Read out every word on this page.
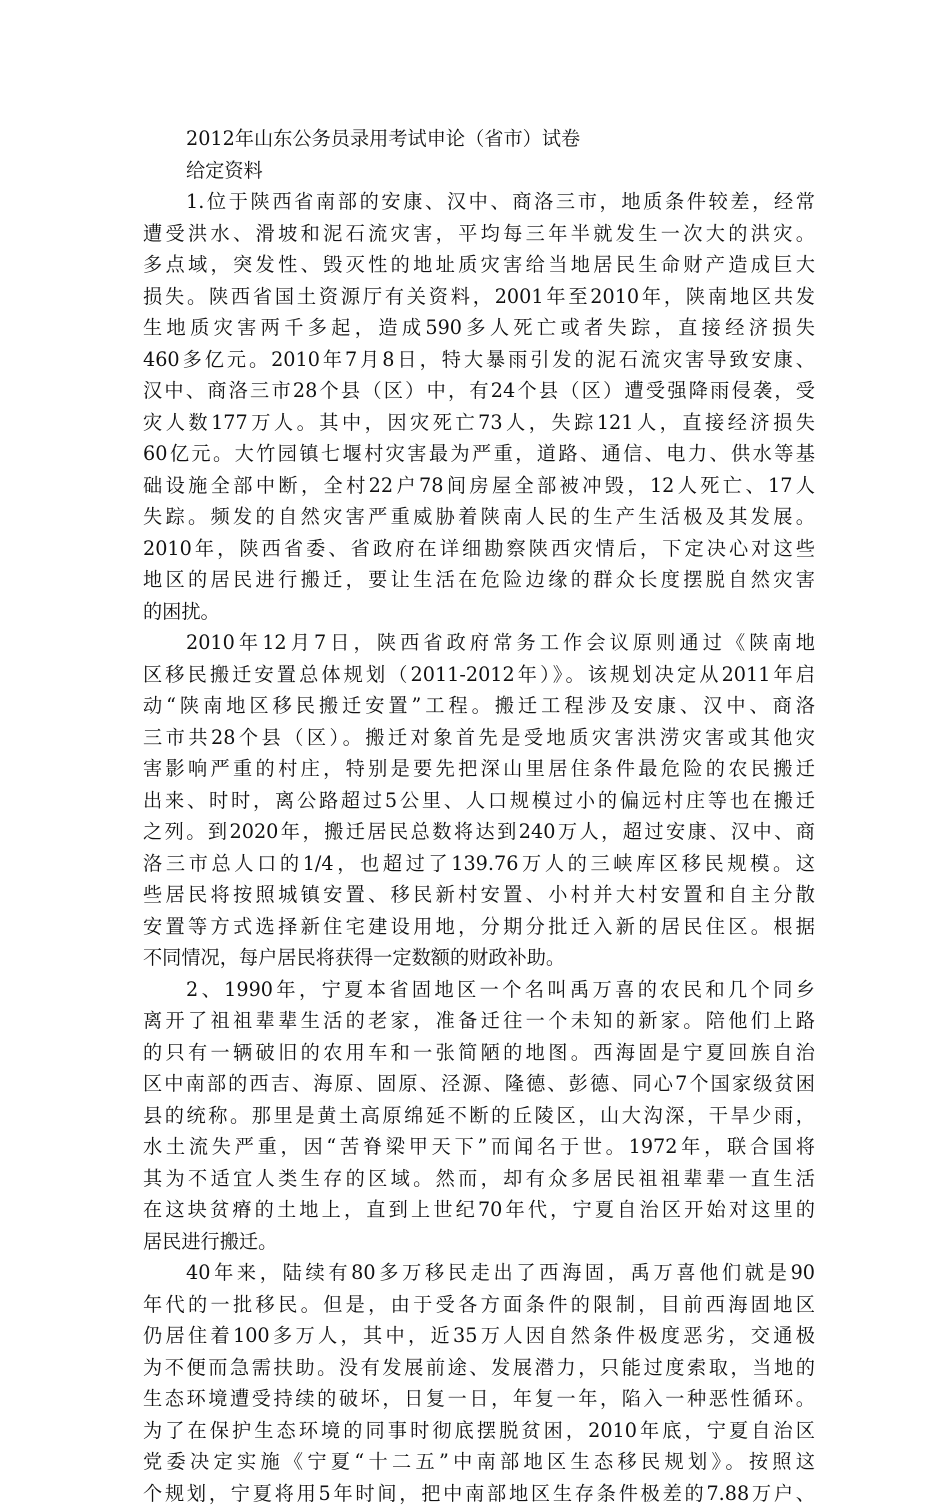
2012年山东公务员录用考试申论（省市）试卷
给定资料
1.位于陕西省南部的安康、汉中、商洛三市，地质条件较差，经常
遭受洪水、滑坡和泥石流灾害，平均每三年半就发生一次大的洪灾。
多点域，突发性、毁灭性的地址质灾害给当地居民生命财产造成巨大
损失。陕西省国土资源厅有关资料，2001年至2010年，陕南地区共发
生地质灾害两千多起，造成590多人死亡或者失踪，直接经济损失
460多亿元。2010年7月8日，特大暴雨引发的泥石流灾害导致安康、
汉中、商洛三市28个县（区）中，有24个县（区）遭受强降雨侵袭，受
灾人数177万人。其中，因灾死亡73人，失踪121人，直接经济损失
60亿元。大竹园镇七堰村灾害最为严重，道路、通信、电力、供水等基
础设施全部中断，全村22户78间房屋全部被冲毁，12人死亡、17人
失踪。频发的自然灾害严重威胁着陕南人民的生产生活极及其发展。
2010年，陕西省委、省政府在详细勘察陕西灾情后，下定决心对这些
地区的居民进行搬迁，要让生活在危险边缘的群众长度摆脱自然灾害
的困扰。
2010年12月7日，陕西省政府常务工作会议原则通过《陕南地
区移民搬迁安置总体规划（2011-2012年）》。该规划决定从2011年启
动“陕南地区移民搬迁安置”工程。搬迁工程涉及安康、汉中、商洛
三市共28个县（区）。搬迁对象首先是受地质灾害洪涝灾害或其他灾
害影响严重的村庄，特别是要先把深山里居住条件最危险的农民搬迁
出来、时时，离公路超过5公里、人口规模过小的偏远村庄等也在搬迁
之列。到2020年，搬迁居民总数将达到240万人，超过安康、汉中、商
洛三市总人口的1/4，也超过了139.76万人的三峡库区移民规模。这
些居民将按照城镇安置、移民新村安置、小村并大村安置和自主分散
安置等方式选择新住宅建设用地，分期分批迁入新的居民住区。根据
不同情况，每户居民将获得一定数额的财政补助。
2、1990年，宁夏本省固地区一个名叫禹万喜的农民和几个同乡
离开了祖祖辈辈生活的老家，准备迁往一个未知的新家。陪他们上路
的只有一辆破旧的农用车和一张简陋的地图。西海固是宁夏回族自治
区中南部的西吉、海原、固原、泾源、隆德、彭德、同心7个国家级贫困
县的统称。那里是黄土高原绵延不断的丘陵区，山大沟深，干旱少雨，
水土流失严重，因“苦脊梁甲天下”而闻名于世。1972年，联合国将
其为不适宜人类生存的区域。然而，却有众多居民祖祖辈辈一直生活
在这块贫瘠的土地上，直到上世纪70年代，宁夏自治区开始对这里的
居民进行搬迁。
40年来，陆续有80多万移民走出了西海固，禹万喜他们就是90
年代的一批移民。但是，由于受各方面条件的限制，目前西海固地区
仍居住着100多万人，其中，近35万人因自然条件极度恶劣，交通极
为不便而急需扶助。没有发展前途、发展潜力，只能过度索取，当地的
生态环境遭受持续的破坏，日复一日，年复一年，陷入一种恶性循环。
为了在保护生态环境的同事时彻底摆脱贫困，2010年底，宁夏自治区
党委决定实施《宁夏“十二五”中南部地区生态移民规划》。按照这
个规划，宁夏将用5年时间，把中南部地区生存条件极差的7.88万户、
